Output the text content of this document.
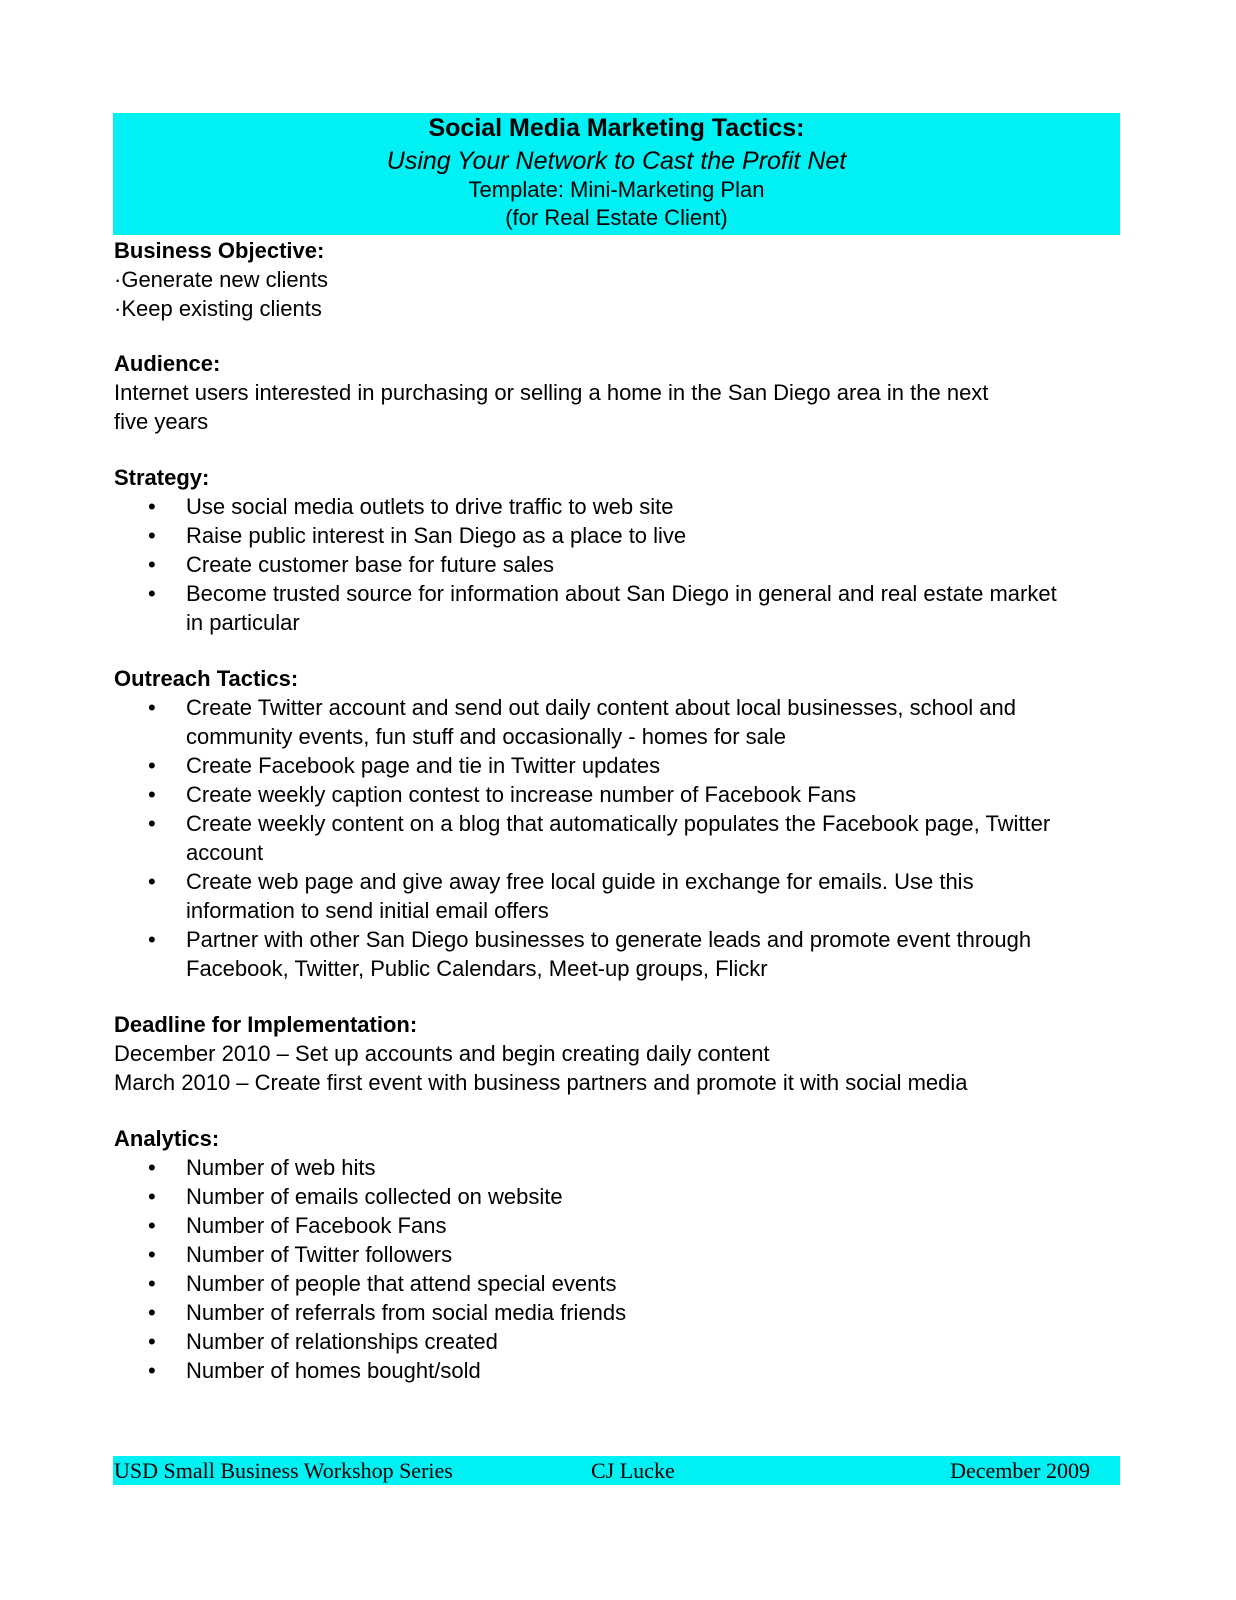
Social Media Marketing Tactics:
Using Your Network to Cast the Profit Net
Template: Mini-Marketing Plan
(for Real Estate Client)

Business Objective:

·Generate new clients

·Keep existing clients

Audience:

Internet users interested in purchasing or selling a home in the San Diego area in the next

five years

Strategy:

• Use social media outlets to drive traffic to web site
• Raise public interest in San Diego as a place to live
• Create customer base for future sales
• Become trusted source for information about San Diego in general and real estate market in particular

Outreach Tactics:

• Create Twitter account and send out daily content about local businesses, school and community events, fun stuff and occasionally - homes for sale
• Create Facebook page and tie in Twitter updates
• Create weekly caption contest to increase number of Facebook Fans
• Create weekly content on a blog that automatically populates the Facebook page, Twitter account
• Create web page and give away free local guide in exchange for emails. Use this information to send initial email offers
• Partner with other San Diego businesses to generate leads and promote event through Facebook, Twitter, Public Calendars, Meet-up groups, Flickr

Deadline for Implementation:

December 2010 – Set up accounts and begin creating daily content

March 2010 – Create first event with business partners and promote it with social media

Analytics:

• Number of web hits
• Number of emails collected on website
• Number of Facebook Fans
• Number of Twitter followers
• Number of people that attend special events
• Number of referrals from social media friends
• Number of relationships created
• Number of homes bought/sold
USD Small Business Workshop Series	CJ Lucke	December 2009
